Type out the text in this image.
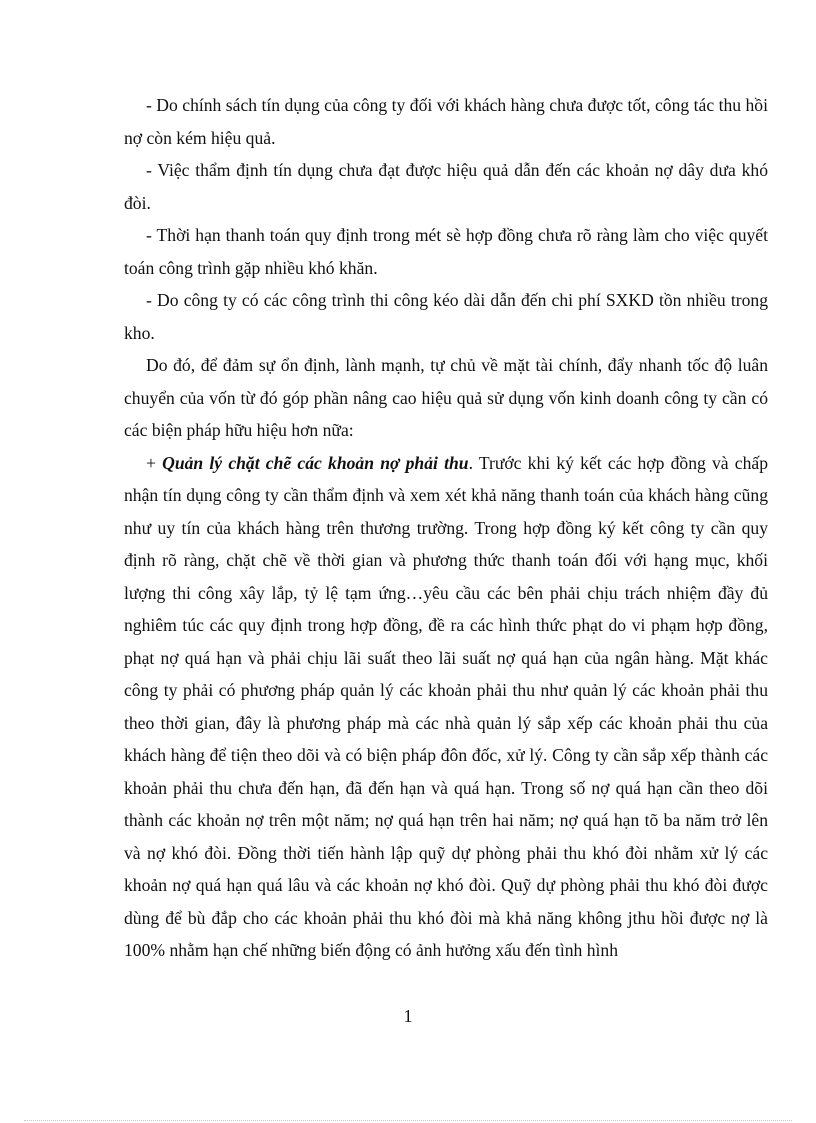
- Do chính sách tín dụng của công ty đối với khách hàng chưa được tốt, công tác thu hồi nợ còn kém hiệu quả.

- Việc thẩm định tín dụng chưa đạt được hiệu quả dẫn đến các khoản nợ dây dưa khó đòi.

- Thời hạn thanh toán quy định trong mét sè hợp đồng chưa rõ ràng làm cho việc quyết toán công trình gặp nhiều khó khăn.

- Do công ty có các công trình thi công kéo dài dẫn đến chi phí SXKD tồn nhiều trong kho.

Do đó, để đảm sự ổn định, lành mạnh, tự chủ về mặt tài chính, đẩy nhanh tốc độ luân chuyển của vốn từ đó góp phần nâng cao hiệu quả sử dụng vốn kinh doanh công ty cần có các biện pháp hữu hiệu hơn nữa:

+ Quản lý chặt chẽ các khoản nợ phải thu. Trước khi ký kết các hợp đồng và chấp nhận tín dụng công ty cần thẩm định và xem xét khả năng thanh toán của khách hàng cũng như uy tín của khách hàng trên thương trường. Trong hợp đồng ký kết công ty cần quy định rõ ràng, chặt chẽ về thời gian và phương thức thanh toán đối với hạng mục, khối lượng thi công xây lắp, tỷ lệ tạm ứng…yêu cầu các bên phải chịu trách nhiệm đầy đủ nghiêm túc các quy định trong hợp đồng, đề ra các hình thức phạt do vi phạm hợp đồng, phạt nợ quá hạn và phải chịu lãi suất theo lãi suất nợ quá hạn của ngân hàng. Mặt khác công ty phải có phương pháp quản lý các khoản phải thu như quản lý các khoản phải thu theo thời gian, đây là phương pháp mà các nhà quản lý sắp xếp các khoản phải thu của khách hàng để tiện theo dõi và có biện pháp đôn đốc, xử lý. Công ty cần sắp xếp thành các khoản phải thu chưa đến hạn, đã đến hạn và quá hạn. Trong số nợ quá hạn cần theo dõi thành các khoản nợ trên một năm; nợ quá hạn trên hai năm; nợ quá hạn tõ ba năm trở lên và nợ khó đòi. Đồng thời tiến hành lập quỹ dự phòng phải thu khó đòi nhằm xử lý các khoản nợ quá hạn quá lâu và các khoản nợ khó đòi. Quỹ dự phòng phải thu khó đòi được dùng để bù đắp cho các khoản phải thu khó đòi mà khả năng không jthu hồi được nợ là 100% nhằm hạn chế những biến động có ảnh hưởng xấu đến tình hình

1
